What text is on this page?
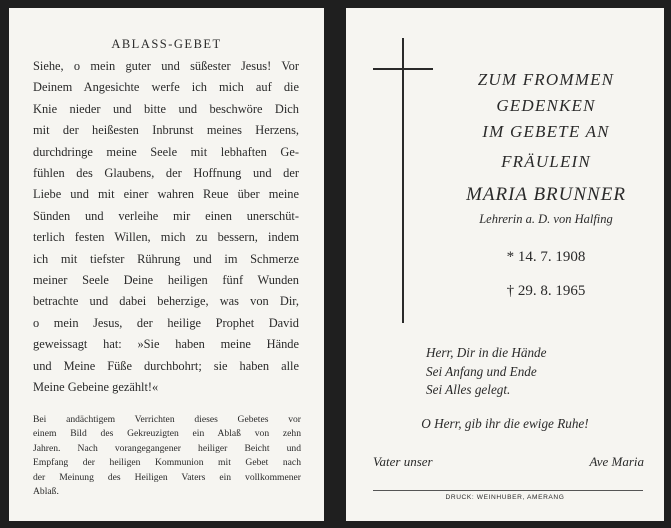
ABLASS-GEBET
Siehe, o mein guter und süßester Jesus! Vor
Deinem Angesichte werfe ich mich auf die
Knie nieder und bitte und beschwöre Dich
mit der heißesten Inbrunst meines Herzens,
durchdringe meine Seele mit lebhaften Ge-
fühlen des Glaubens, der Hoffnung und der
Liebe und mit einer wahren Reue über meine
Sünden und verleihe mir einen unerschüt-
terlich festen Willen, mich zu bessern, indem
ich mit tiefster Rührung und im Schmerze
meiner Seele Deine heiligen fünf Wunden
betrachte und dabei beherzige, was von Dir,
o mein Jesus, der heilige Prophet David
geweissagt hat: »Sie haben meine Hände
und Meine Füße durchbohrt; sie haben alle
Meine Gebeine gezählt!«
Bei andächtigem Verrichten dieses Gebetes vor
einem Bild des Gekreuzigten ein Ablaß von zehn
Jahren. Nach vorangegangener heiliger Beicht und
Empfang der heiligen Kommunion mit Gebet nach
der Meinung des Heiligen Vaters ein vollkommener
Ablaß.
ZUM FROMMEN
GEDENKEN
IM GEBETE AN
FRÄULEIN
MARIA BRUNNER
Lehrerin a. D. von Halfing
* 14. 7. 1908
† 29. 8. 1965
Herr, Dir in die Hände
Sei Anfang und Ende
Sei Alles gelegt.
O Herr, gib ihr die ewige Ruhe!
Vater unser	Ave Maria
DRUCK: WEINHUBER, AMERANG
